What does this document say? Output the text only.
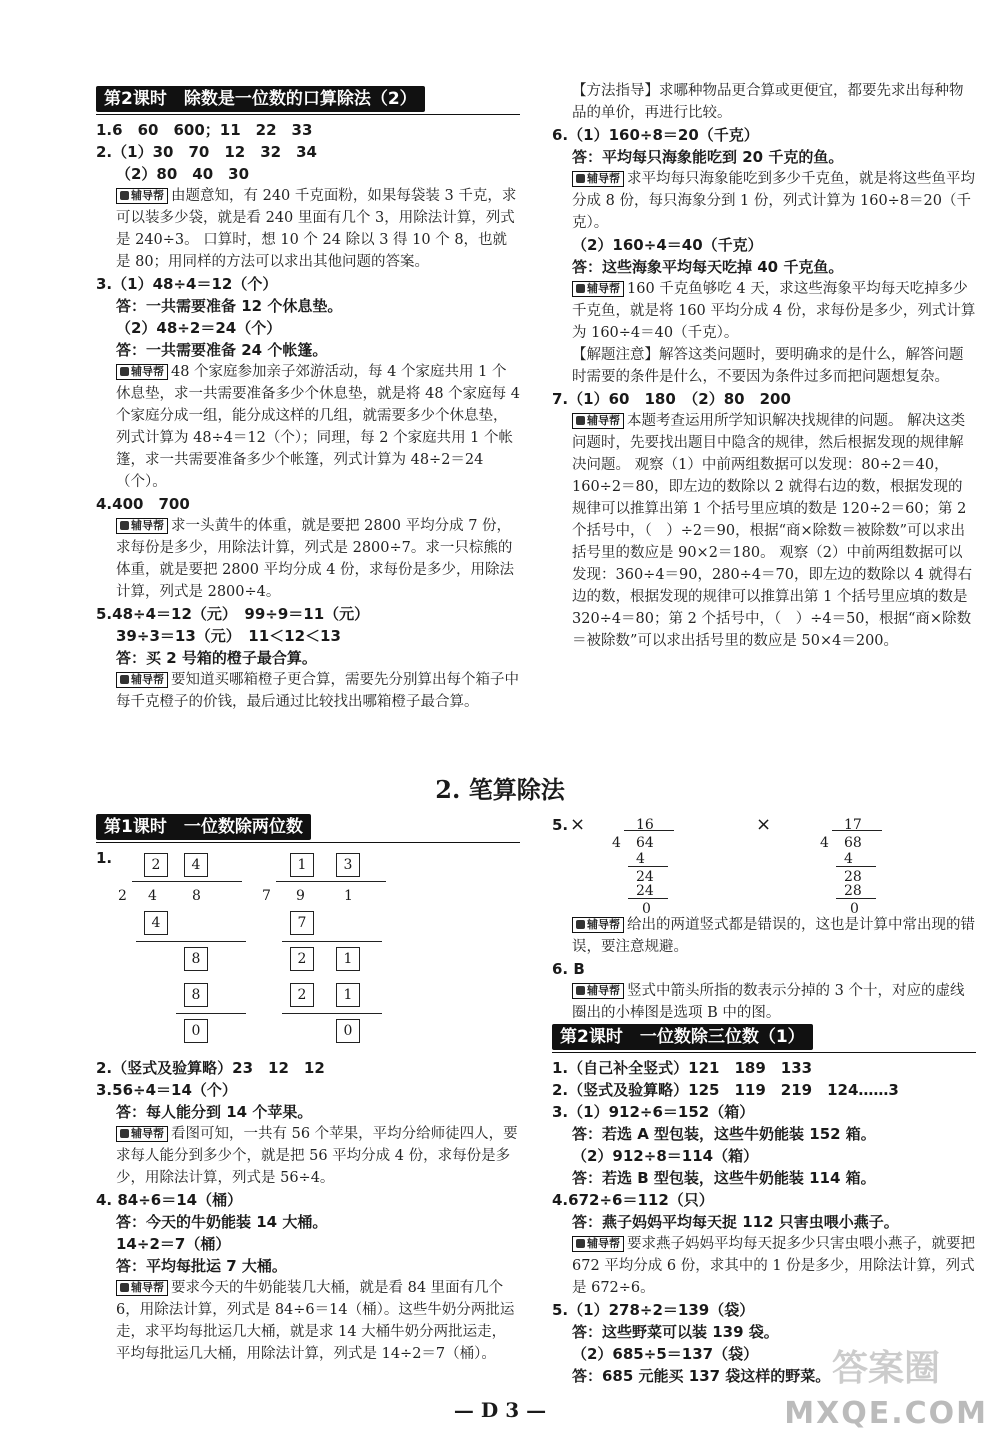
第2课时　除数是一位数的口算除法（2）
1.6　60　600；11　22　33
2.（1）30　70　12　32　34
（2）80　40　30
辅导帮 由题意知，有 240 千克面粉，如果每袋装 3 千克，求可以装多少袋，就是看 240 里面有几个 3，用除法计算，列式是 240÷3。 口算时，想 10 个 24 除以 3 得 10 个 8，也就是 80；用同样的方法可以求出其他问题的答案。
3.（1）48÷4＝12（个）
答：一共需要准备 12 个休息垫。
（2）48÷2＝24（个）
答：一共需要准备 24 个帐篷。
辅导帮 48 个家庭参加亲子郊游活动，每 4 个家庭共用 1 个休息垫，求一共需要准备多少个休息垫，就是将 48 个家庭每 4 个家庭分成一组，能分成这样的几组，就需要多少个休息垫，列式计算为 48÷4＝12（个）；同理，每 2 个家庭共用 1 个帐篷，求一共需要准备多少个帐篷，列式计算为 48÷2＝24（个）。
4.400　700
辅导帮 求一头黄牛的体重，就是要把 2800 平均分成 7 份，求每份是多少，用除法计算，列式是 2800÷7。求一只棕熊的体重，就是要把 2800 平均分成 4 份，求每份是多少，用除法计算，列式是 2800÷4。
5.48÷4＝12（元）　99÷9＝11（元）
39÷3＝13（元）　11＜12＜13
答：买 2 号箱的橙子最合算。
辅导帮 要知道买哪箱橙子更合算，需要先分别算出每个箱子中每千克橙子的价钱，最后通过比较找出哪箱橙子最合算。
【方法指导】求哪种物品更合算或更便宜，都要先求出每种物品的单价，再进行比较。
6.（1）160÷8＝20（千克）
答：平均每只海象能吃到 20 千克的鱼。
辅导帮 求平均每只海象能吃到多少千克鱼，就是将这些鱼平均分成 8 份，每只海象分到 1 份，列式计算为 160÷8＝20（千克）。
（2）160÷4＝40（千克）
答：这些海象平均每天吃掉 40 千克鱼。
辅导帮 160 千克鱼够吃 4 天，求这些海象平均每天吃掉多少千克鱼，就是将 160 平均分成 4 份，求每份是多少，列式计算为 160÷4＝40（千克）。
【解题注意】解答这类问题时，要明确求的是什么，解答问题时需要的条件是什么，不要因为条件过多而把问题想复杂。
7.（1）60　180　（2）80　200
辅导帮 本题考查运用所学知识解决找规律的问题。 解决这类问题时，先要找出题目中隐含的规律，然后根据发现的规律解决问题。 观察（1）中前两组数据可以发现：80÷2＝40，160÷2＝80，即左边的数除以 2 就得右边的数，根据发现的规律可以推算出第 1 个括号里应填的数是 120÷2＝60；第 2 个括号中，（　）÷2＝90，根据“商×除数＝被除数”可以求出括号里的数应是 90×2＝180。 观察（2）中前两组数据可以发现：360÷4＝90，280÷4＝70，即左边的数除以 4 就得右边的数，根据发现的规律可以推算出第 1 个括号里应填的数是 320÷4＝80；第 2 个括号中，（　）÷4＝50，根据“商×除数＝被除数”可以求出括号里的数应是 50×4＝200。
2. 笔算除法
第1课时　一位数除两位数
1.	2	4
2 4	8
4
8
8
0
1	3
7 9	1
7
2	1
2	1
0
2.（竖式及验算略）23　12　12
3.56÷4＝14（个）
答：每人能分到 14 个苹果。
辅导帮 看图可知，一共有 56 个苹果，平均分给师徒四人，要求每人能分到多少个，就是把 56 平均分成 4 份，求每份是多少，用除法计算，列式是 56÷4。
4. 84÷6＝14（桶）
答：今天的牛奶能装 14 大桶。
14÷2＝7（桶）
答：平均每批运 7 大桶。
辅导帮 要求今天的牛奶能装几大桶，就是看 84 里面有几个 6，用除法计算，列式是 84÷6＝14（桶）。这些牛奶分两批运走，求平均每批运几大桶，就是求 14 大桶牛奶分两批运走，平均每批运几大桶，用除法计算，列式是 14÷2＝7（桶）。
5. ×	16
4 64
4
24
24
0
×	17
4 68
4
28
28
0
辅导帮 给出的两道竖式都是错误的，这也是计算中常出现的错误，要注意规避。
6. B
辅导帮 竖式中箭头所指的数表示分掉的 3 个十，对应的虚线圈出的小棒图是选项 B 中的图。
第2课时　一位数除三位数（1）
1.（自己补全竖式）121　189　133
2.（竖式及验算略）125　119　219　124……3
3.（1）912÷6＝152（箱）
答：若选 A 型包装，这些牛奶能装 152 箱。
（2）912÷8＝114（箱）
答：若选 B 型包装，这些牛奶能装 114 箱。
4.672÷6＝112（只）
答：燕子妈妈平均每天捉 112 只害虫喂小燕子。
辅导帮 要求燕子妈妈平均每天捉多少只害虫喂小燕子，就要把 672 平均分成 6 份，求其中的 1 份是多少，用除法计算，列式是 672÷6。
5.（1）278÷2＝139（袋）
答：这些野菜可以装 139 袋。
（2）685÷5＝137（袋）
答：685 元能买 137 袋这样的野菜。
— D 3 —
答案圈
MXQE.COM
